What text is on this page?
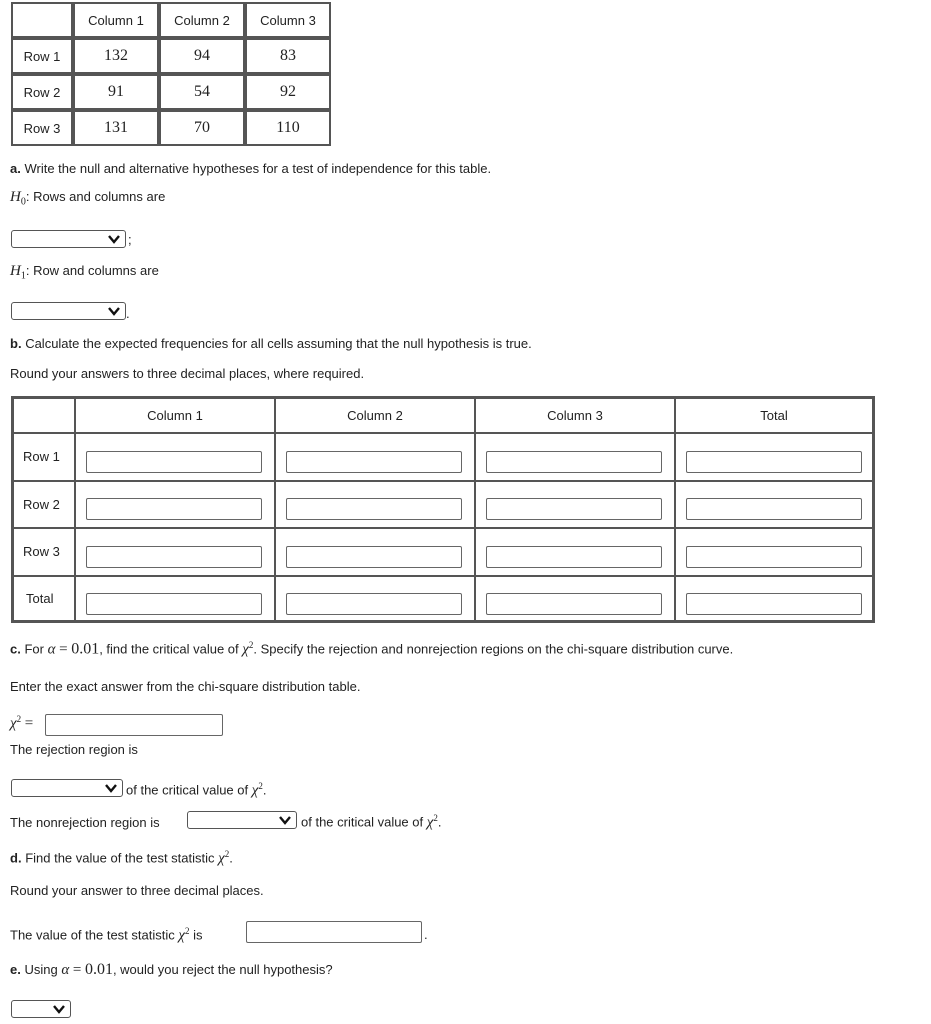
	Column 1	Column 2	Column 3
Row 1	132	94	83
Row 2	91	54	92
Row 3	131	70	110
a. Write the null and alternative hypotheses for a test of independence for this table.
$H_0$: Rows and columns are
;
$H_1$: Row and columns are
.
b. Calculate the expected frequencies for all cells assuming that the null hypothesis is true.
Round your answers to three decimal places, where required.
Column 1	Column 2	Column 3	Total
Row 1
Row 2
Row 3
Total
c. For α = 0.01, find the critical value of $\chi^2$. Specify the rejection and nonrejection regions on the chi-square distribution curve.
Enter the exact answer from the chi-square distribution table.
$\chi^2$ =
The rejection region is
of the critical value of $\chi^2$.
The nonrejection region is	of the critical value of $\chi^2$.
d. Find the value of the test statistic $\chi^2$.
Round your answer to three decimal places.
The value of the test statistic $\chi^2$ is	.
e. Using α = 0.01, would you reject the null hypothesis?
